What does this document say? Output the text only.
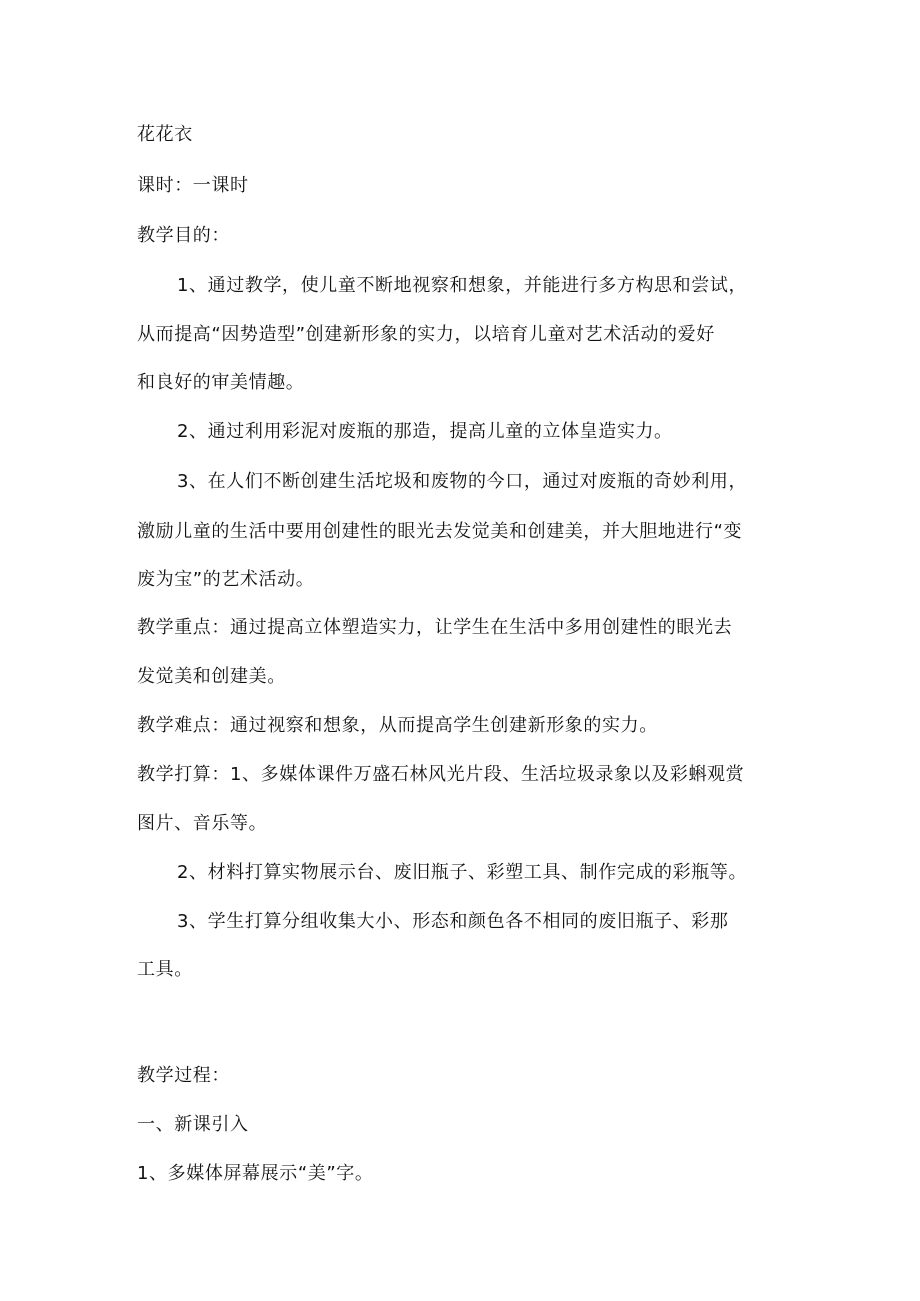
花花衣
课时：一课时
教学目的：
1、通过教学，使儿童不断地视察和想象，并能进行多方构思和尝试，
从而提高“因势造型”创建新形象的实力，以培育儿童对艺术活动的爱好
和良好的审美情趣。
2、通过利用彩泥对废瓶的那造，提高儿童的立体皇造实力。
3、在人们不断创建生活坨圾和废物的今口，通过对废瓶的奇妙利用，
激励儿童的生活中要用创建性的眼光去发觉美和创建美，并大胆地进行“变
废为宝”的艺术活动。
教学重点：通过提高立体塑造实力，让学生在生活中多用创建性的眼光去
发觉美和创建美。
教学难点：通过视察和想象，从而提高学生创建新形象的实力。
教学打算：1、多媒体课件万盛石林风光片段、生活垃圾录象以及彩蝌观赏
图片、音乐等。
2、材料打算实物展示台、废旧瓶子、彩塑工具、制作完成的彩瓶等。
3、学生打算分组收集大小、形态和颜色各不相同的废旧瓶子、彩那
工具。
教学过程：
一、新课引入
1、多媒体屏幕展示“美”字。
